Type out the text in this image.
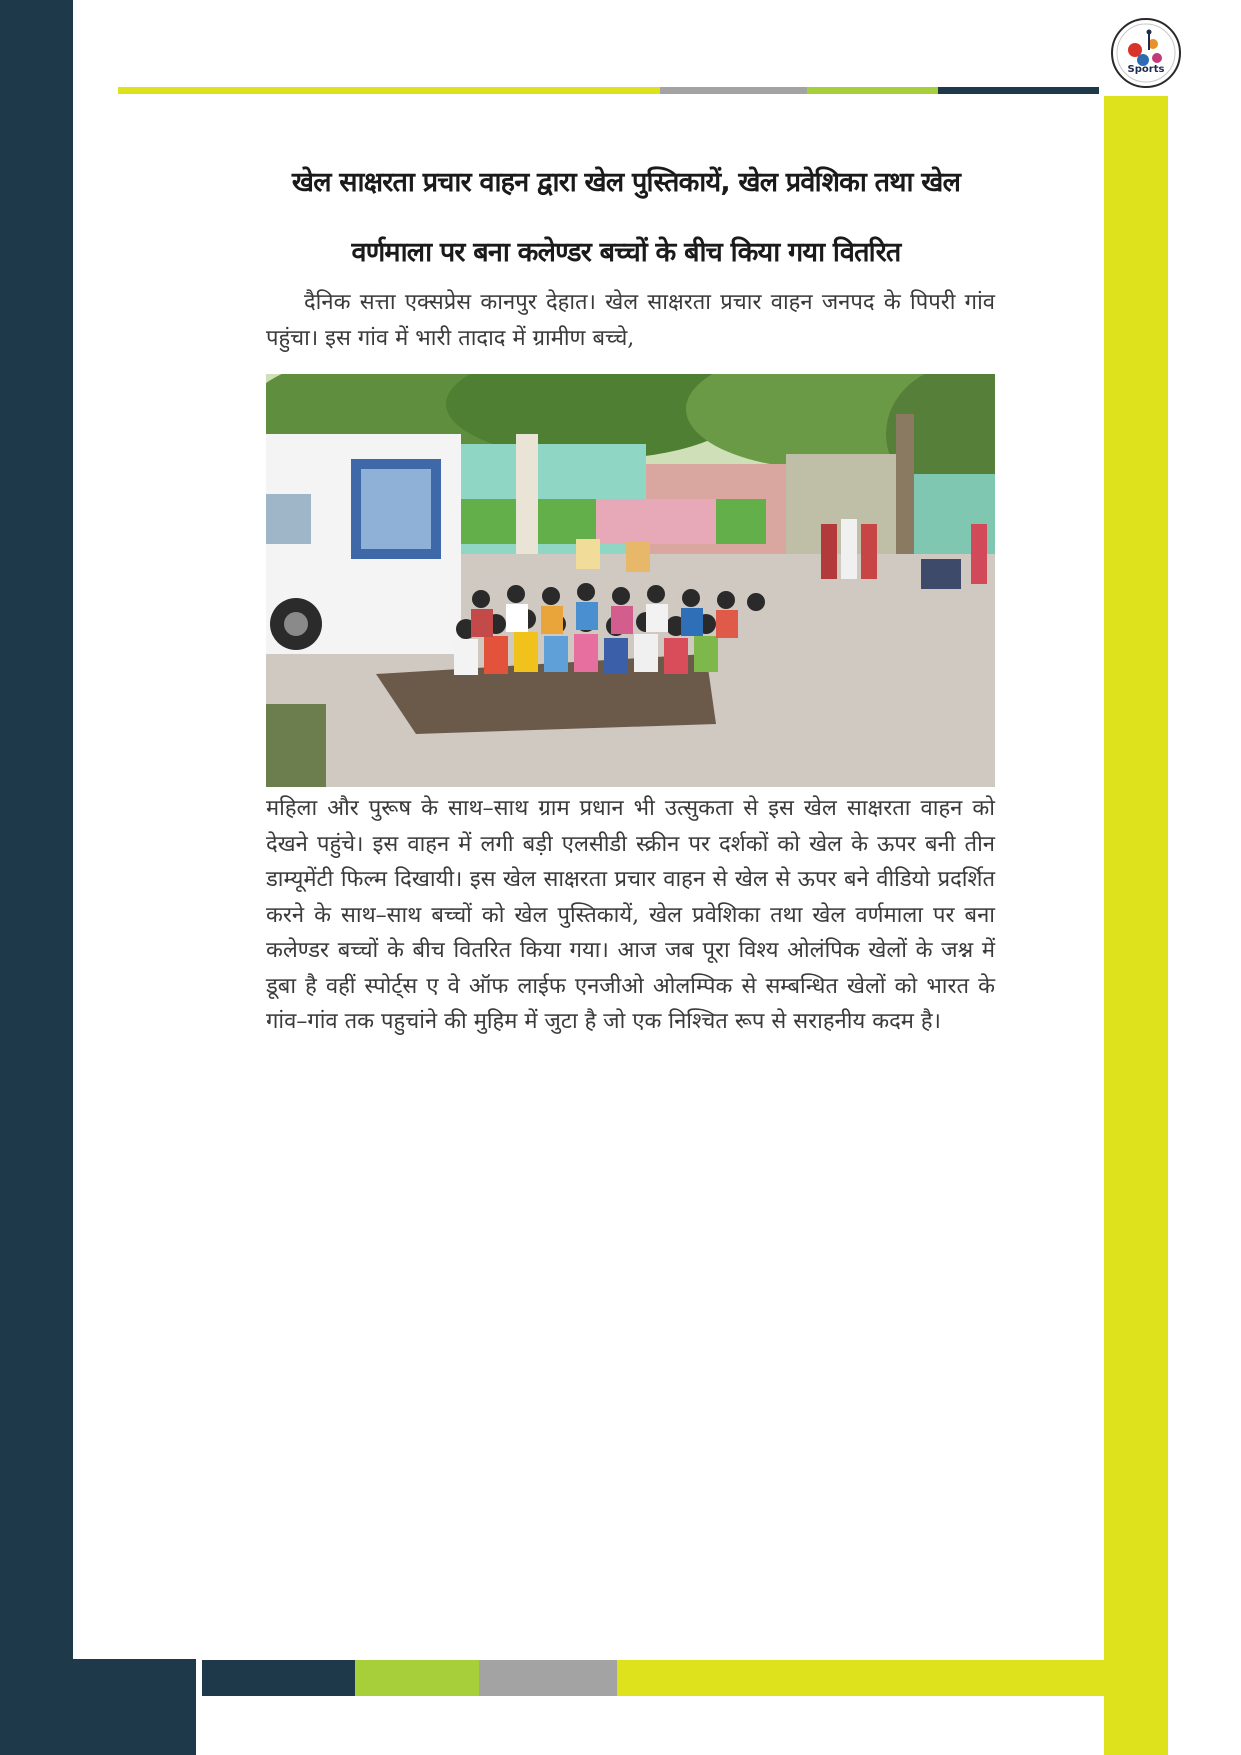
Sports
खेल साक्षरता प्रचार वाहन द्वारा खेल पुस्तिकायें, खेल प्रवेशिका तथा खेल वर्णमाला पर बना कलेण्डर बच्चों के बीच किया गया वितरित

दैनिक सत्ता एक्सप्रेस कानपुर देहात। खेल साक्षरता प्रचार वाहन जनपद के पिपरी गांव पहुंचा। इस गांव में भारी तादाद में ग्रामीण बच्चे,

महिला और पुरूष के साथ–साथ ग्राम प्रधान भी उत्सुकता से इस खेल साक्षरता वाहन को देखने पहुंचे। इस वाहन में लगी बड़ी एलसीडी स्क्रीन पर दर्शकों को खेल के ऊपर बनी तीन डाम्यूमेंटी फिल्म दिखायी। इस खेल साक्षरता प्रचार वाहन से खेल से ऊपर बने वीडियो प्रदर्शित करने के साथ–साथ बच्चों को खेल पुस्तिकायें, खेल प्रवेशिका तथा खेल वर्णमाला पर बना कलेण्डर बच्चों के बीच वितरित किया गया। आज जब पूरा विश्य ओलंपिक खेलों के जश्न में डूबा है वहीं स्पोर्ट्स ए वे ऑफ लाईफ एनजीओ ओलम्पिक से सम्बन्धित खेलों को भारत के गांव–गांव तक पहुचांने की मुहिम में जुटा है जो एक निश्चित रूप से सराहनीय कदम है।
